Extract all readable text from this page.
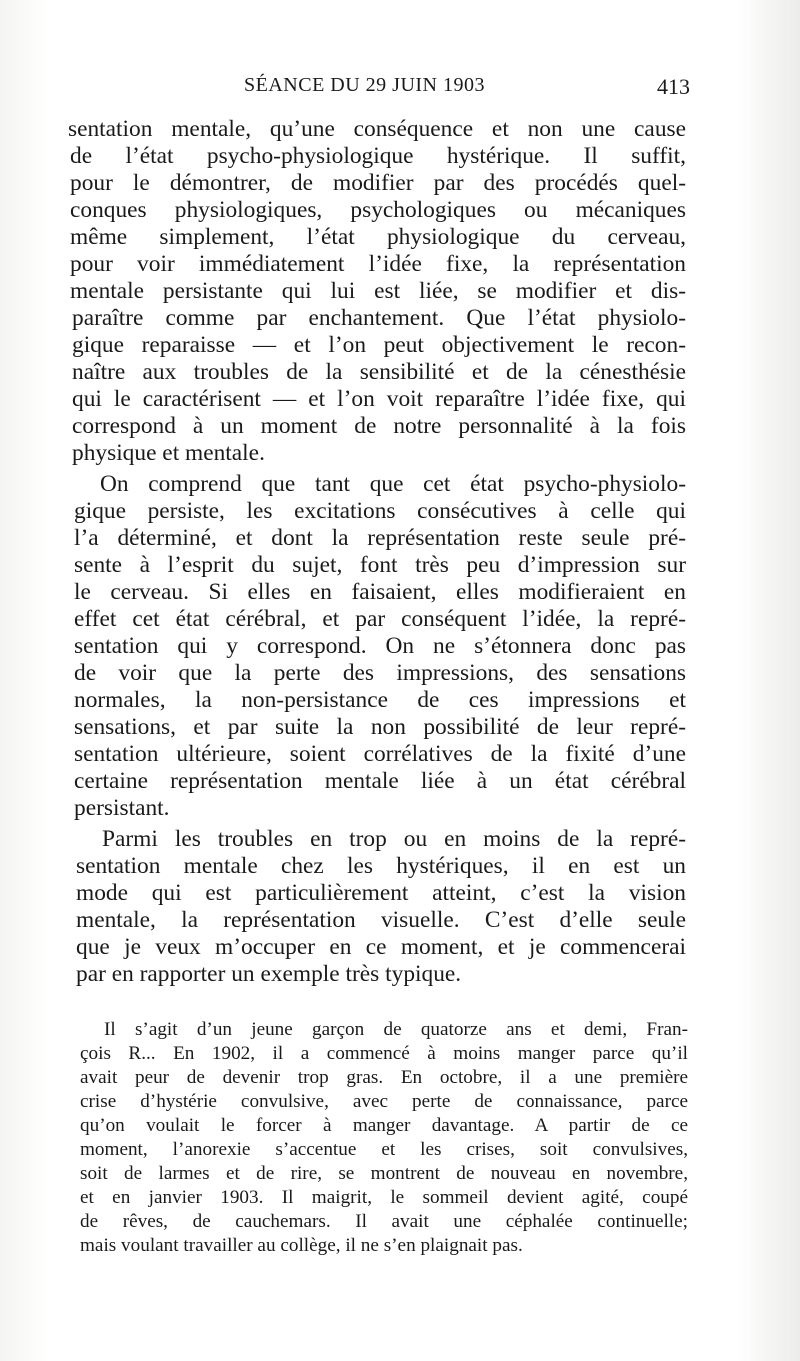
SÉANCE DU 29 JUIN 1903	413
sentation mentale, qu’une conséquence et non une cause
de l’état psycho-physiologique hystérique. Il suffit,
pour le démontrer, de modifier par des procédés quel-
conques physiologiques, psychologiques ou mécaniques
même simplement, l’état physiologique du cerveau,
pour voir immédiatement l’idée fixe, la représentation
mentale persistante qui lui est liée, se modifier et dis-
paraître comme par enchantement. Que l’état physiolo-
gique reparaisse — et l’on peut objectivement le recon-
naître aux troubles de la sensibilité et de la cénesthésie
qui le caractérisent — et l’on voit reparaître l’idée fixe, qui
correspond à un moment de notre personnalité à la fois
physique et mentale.
On comprend que tant que cet état psycho-physiolo-
gique persiste, les excitations consécutives à celle qui
l’a déterminé, et dont la représentation reste seule pré-
sente à l’esprit du sujet, font très peu d’impression sur
le cerveau. Si elles en faisaient, elles modifieraient en
effet cet état cérébral, et par conséquent l’idée, la repré-
sentation qui y correspond. On ne s’étonnera donc pas
de voir que la perte des impressions, des sensations
normales, la non-persistance de ces impressions et
sensations, et par suite la non possibilité de leur repré-
sentation ultérieure, soient corrélatives de la fixité d’une
certaine représentation mentale liée à un état cérébral
persistant.
Parmi les troubles en trop ou en moins de la repré-
sentation mentale chez les hystériques, il en est un
mode qui est particulièrement atteint, c’est la vision
mentale, la représentation visuelle. C’est d’elle seule
que je veux m’occuper en ce moment, et je commencerai
par en rapporter un exemple très typique.
Il s’agit d’un jeune garçon de quatorze ans et demi, Fran-
çois R... En 1902, il a commencé à moins manger parce qu’il
avait peur de devenir trop gras. En octobre, il a une première
crise d’hystérie convulsive, avec perte de connaissance, parce
qu’on voulait le forcer à manger davantage. A partir de ce
moment, l’anorexie s’accentue et les crises, soit convulsives,
soit de larmes et de rire, se montrent de nouveau en novembre,
et en janvier 1903. Il maigrit, le sommeil devient agité, coupé
de rêves, de cauchemars. Il avait une céphalée continuelle;
mais voulant travailler au collège, il ne s’en plaignait pas.
